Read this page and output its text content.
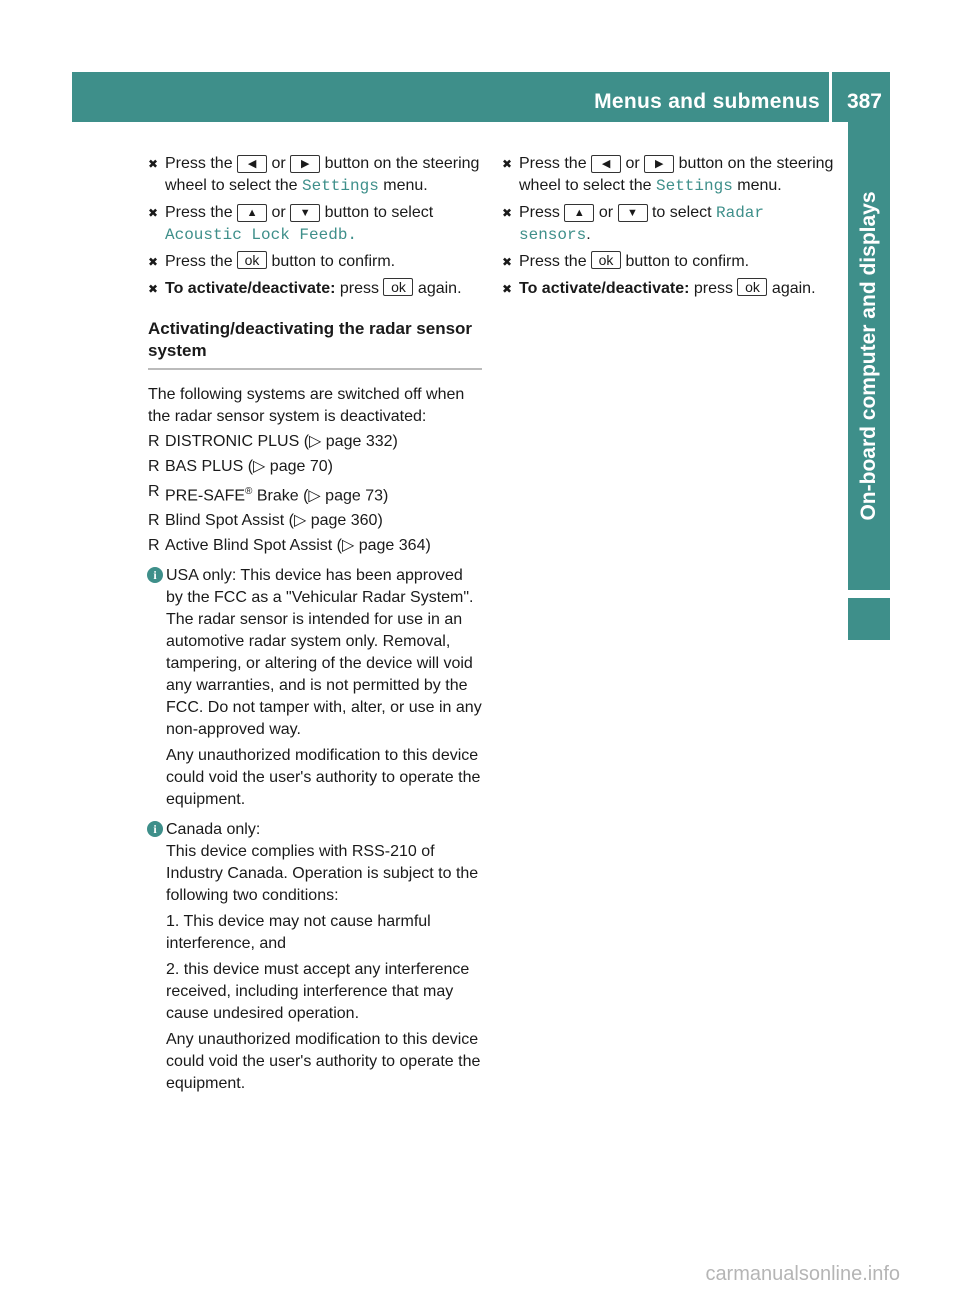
Menus and submenus 387
On-board computer and displays
✖ Press the ◀ or ▶ button on the steering wheel to select the Settings menu.
✖ Press the ▲ or ▼ button to select Acoustic Lock Feedb.
✖ Press the ok button to confirm.
✖ To activate/deactivate: press ok again.
Activating/deactivating the radar sensor system
The following systems are switched off when the radar sensor system is deactivated:
R DISTRONIC PLUS (▷ page 332)
R BAS PLUS (▷ page 70)
R PRE-SAFE® Brake (▷ page 73)
R Blind Spot Assist (▷ page 360)
R Active Blind Spot Assist (▷ page 364)
i USA only: This device has been approved by the FCC as a "Vehicular Radar System". The radar sensor is intended for use in an automotive radar system only. Removal, tampering, or altering of the device will void any warranties, and is not permitted by the FCC. Do not tamper with, alter, or use in any non-approved way.

Any unauthorized modification to this device could void the user's authority to operate the equipment.

i Canada only:

This device complies with RSS-210 of Industry Canada. Operation is subject to the following two conditions:

1. This device may not cause harmful interference, and

2. this device must accept any interference received, including interference that may cause undesired operation.

Any unauthorized modification to this device could void the user's authority to operate the equipment.

✖ Press the ◀ or ▶ button on the steering wheel to select the Settings menu.
✖ Press ▲ or ▼ to select Radar sensors.
✖ Press the ok button to confirm.
✖ To activate/deactivate: press ok again.
carmanualsonline.info
